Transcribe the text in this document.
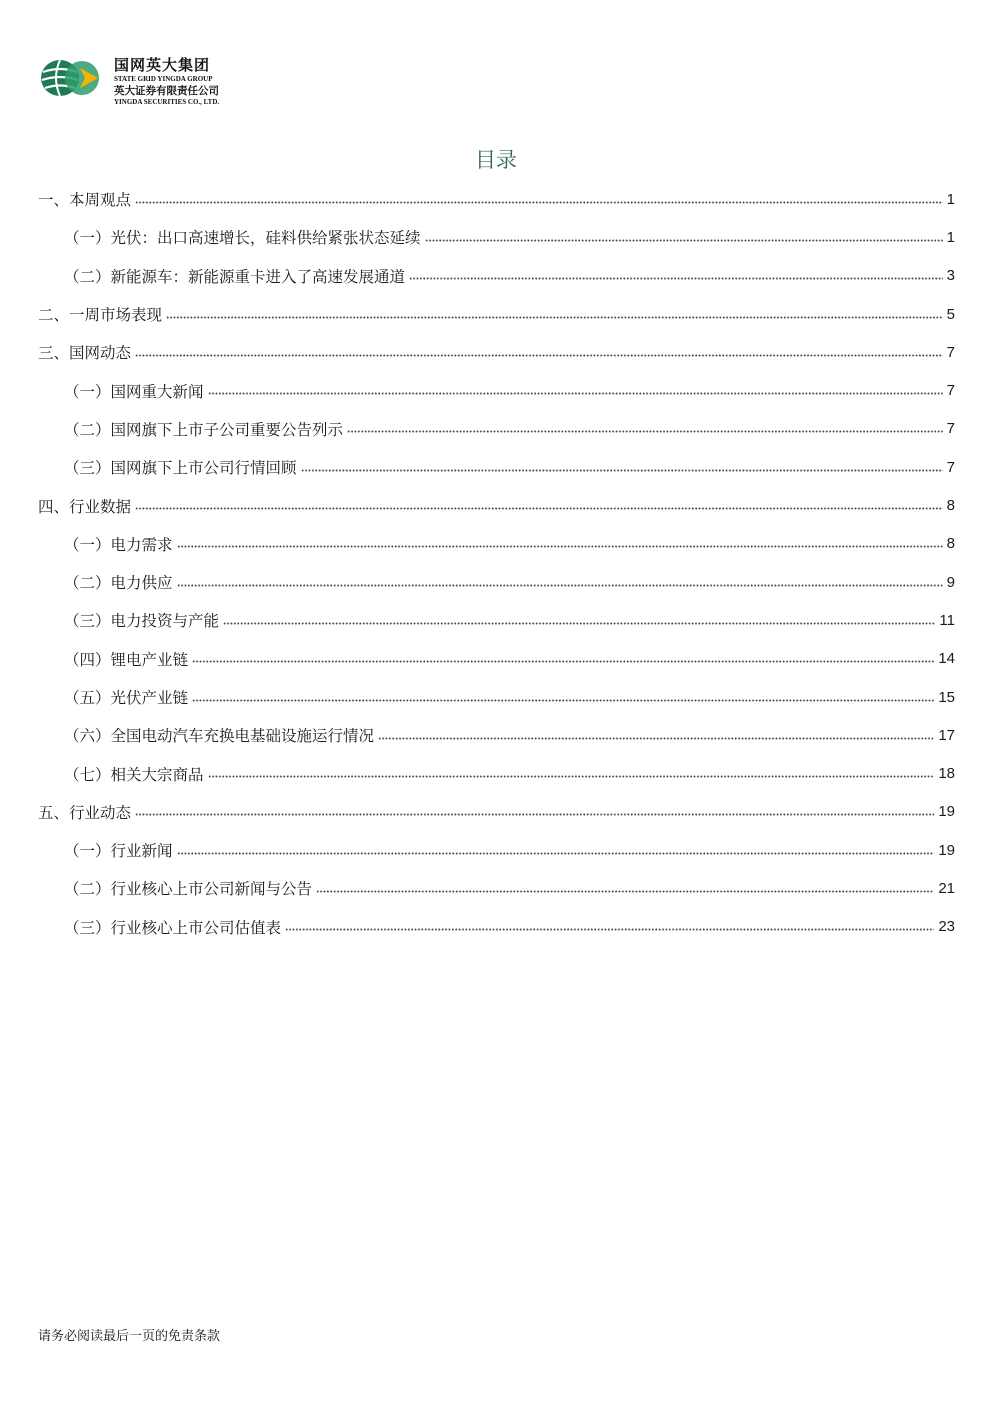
国网英大集团
STATE GRID YINGDA GROUP
英大证券有限责任公司
YINGDA SECURITIES CO., LTD.
目录
一、本周观点	1
（一）光伏：出口高速增长，硅料供给紧张状态延续	1
（二）新能源车：新能源重卡进入了高速发展通道	3
二、一周市场表现	5
三、国网动态	7
（一）国网重大新闻	7
（二）国网旗下上市子公司重要公告列示	7
（三）国网旗下上市公司行情回顾	7
四、行业数据	8
（一）电力需求	8
（二）电力供应	9
（三）电力投资与产能	11
（四）锂电产业链	14
（五）光伏产业链	15
（六）全国电动汽车充换电基础设施运行情况	17
（七）相关大宗商品	18
五、行业动态	19
（一）行业新闻	19
（二）行业核心上市公司新闻与公告	21
（三）行业核心上市公司估值表	23
请务必阅读最后一页的免责条款
